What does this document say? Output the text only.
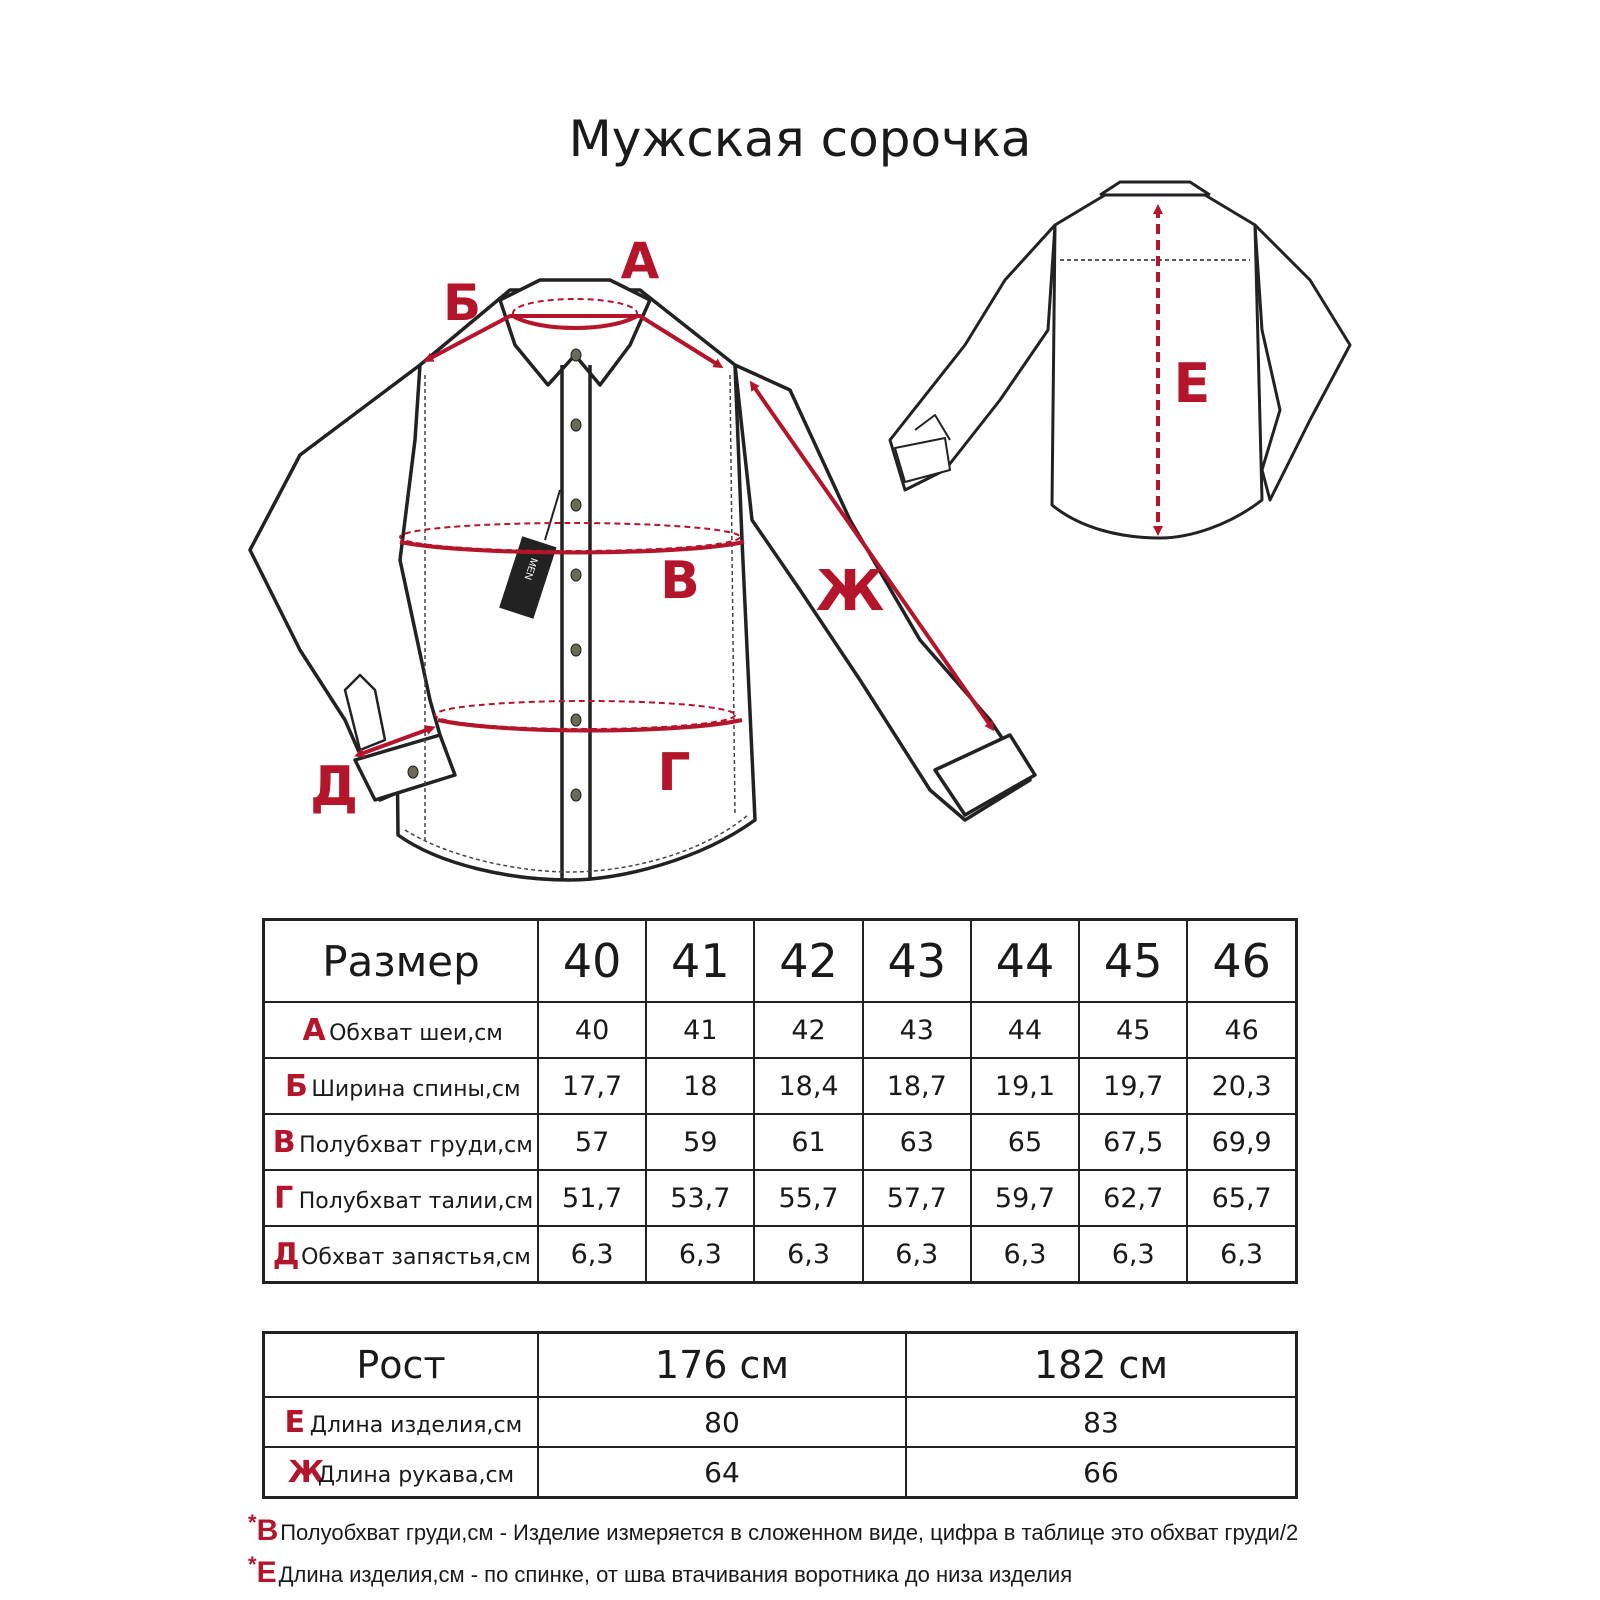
Мужская сорочка
MEN
А
Б
В
Г
Д
Е
Ж
Размер	40	41	42	43	44	45	46
А Обхват шеи,см	40	41	42	43	44	45	46
Б Ширина спины,см	17,7	18	18,4	18,7	19,1	19,7	20,3
В Полубхват груди,см	57	59	61	63	65	67,5	69,9
Г Полубхват талии,см	51,7	53,7	55,7	57,7	59,7	62,7	65,7
ДОбхват запястья,см	6,3	6,3	6,3	6,3	6,3	6,3	6,3
Рост	176 см	182 см
Е Длина изделия,см	80	83
ЖДлина рукава,см	64	66
*ВПолуобхват груди,см - Изделие измеряется в сложенном виде, цифра в таблице это обхват груди/2
*ЕДлина изделия,см - по спинке, от шва втачивания воротника до низа изделия
